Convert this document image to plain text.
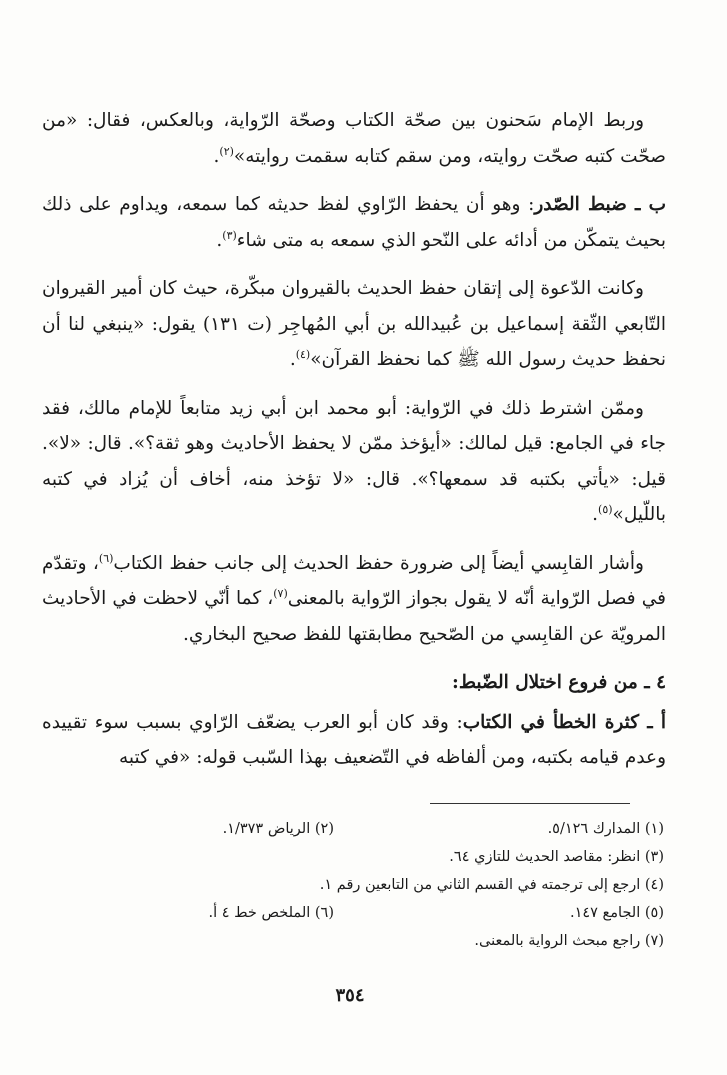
وربط الإمام سَحنون بين صحّة الكتاب وصحّة الرّواية، وبالعكس، فقال: «من صحّت كتبه صحّت روايته، ومن سقم كتابه سقمت روايته»$^{(٢)}$.

ب ـ ضبط الصّدر: وهو أن يحفظ الرّاوي لفظ حديثه كما سمعه، ويداوم على ذلك بحيث يتمكّن من أدائه على النّحو الذي سمعه به متى شاء$^{(٣)}$.

وكانت الدّعوة إلى إتقان حفظ الحديث بالقيروان مبكّرة، حيث كان أمير القيروان التّابعي الثّقة إسماعيل بن عُبيدالله بن أبي المُهاجِر (ت ١٣١) يقول: «ينبغي لنا أن نحفظ حديث رسول الله ﷺ كما نحفظ القرآن»$^{(٤)}$.

وممّن اشترط ذلك في الرّواية: أبو محمد ابن أبي زيد متابعاً للإمام مالك، فقد جاء في الجامع: قيل لمالك: «أيؤخذ ممّن لا يحفظ الأحاديث وهو ثقة؟». قال: «لا». قيل: «يأتي بكتبه قد سمعها؟». قال: «لا تؤخذ منه، أخاف أن يُزاد في كتبه باللّيل»$^{(٥)}$.

وأشار القابِسي أيضاً إلى ضرورة حفظ الحديث إلى جانب حفظ الكتاب$^{(٦)}$، وتقدّم في فصل الرّواية أنّه لا يقول بجواز الرّواية بالمعنى$^{(٧)}$، كما أنّي لاحظت في الأحاديث المرويّة عن القابِسي من الصّحيح مطابقتها للفظ صحيح البخاري.

٤ ـ من فروع اختلال الضّبط:

أ ـ كثرة الخطأ في الكتاب: وقد كان أبو العرب يضعّف الرّاوي بسبب سوء تقييده وعدم قيامه بكتبه، ومن ألفاظه في التّضعيف بهذا السّبب قوله: «في كتبه

(١) المدارك ٥/١٢٦.
(٢) الرياض ١/٣٧٣.
(٣) انظر: مقاصد الحديث للتازي ٦٤.
(٤) ارجع إلى ترجمته في القسم الثاني من التابعين رقم ١.
(٥) الجامع ١٤٧.
(٦) الملخص خط ٤ أ.
(٧) راجع مبحث الرواية بالمعنى.
٣٥٤
